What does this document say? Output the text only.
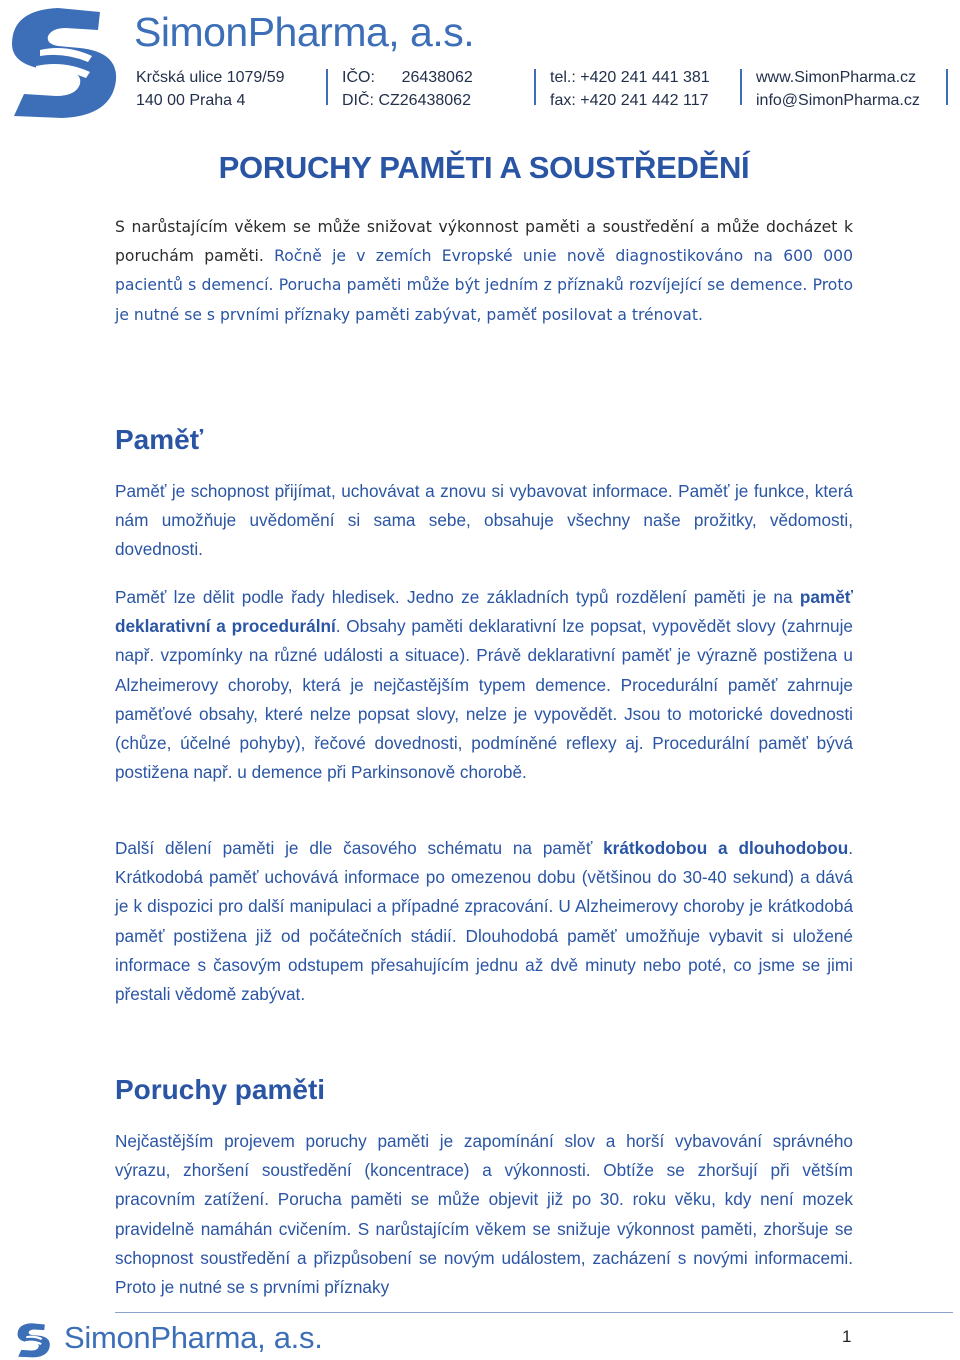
SimonPharma, a.s.
Krčská ulice 1079/59
140 00 Praha 4
IČO:      26438062
DIČ: CZ26438062
tel.: +420 241 441 381
fax: +420 241 442 117
www.SimonPharma.cz
info@SimonPharma.cz
PORUCHY PAMĚTI A SOUSTŘEDĚNÍ

S narůstajícím věkem se může snižovat výkonnost paměti a soustředění a může docházet k poruchám paměti. Ročně je v zemích Evropské unie nově diagnostikováno na 600 000 pacientů s demencí. Porucha paměti může být jedním z příznaků rozvíjející se demence. Proto je nutné se s prvními příznaky paměti zabývat, paměť posilovat a trénovat.

Paměť

Paměť je schopnost přijímat, uchovávat a znovu si vybavovat informace. Paměť je funkce, která nám umožňuje uvědomění si sama sebe, obsahuje všechny naše prožitky, vědomosti, dovednosti.

Paměť lze dělit podle řady hledisek. Jedno ze základních typů rozdělení paměti je na paměť deklarativní a procedurální. Obsahy paměti deklarativní lze popsat, vypovědět slovy (zahrnuje např. vzpomínky na různé události a situace). Právě deklarativní paměť je výrazně postižena u Alzheimerovy choroby, která je nejčastějším typem demence. Procedurální paměť zahrnuje paměťové obsahy, které nelze popsat slovy, nelze je vypovědět. Jsou to motorické dovednosti (chůze, účelné pohyby), řečové dovednosti, podmíněné reflexy aj. Procedurální paměť bývá postižena např. u demence při Parkinsonově chorobě.

Další dělení paměti je dle časového schématu na paměť krátkodobou a dlouhodobou. Krátkodobá paměť uchovává informace po omezenou dobu (většinou do 30-40 sekund) a dává je k dispozici pro další manipulaci a případné zpracování. U Alzheimerovy choroby je krátkodobá paměť postižena již od počátečních stádií. Dlouhodobá paměť umožňuje vybavit si uložené informace s časovým odstupem přesahujícím jednu až dvě minuty nebo poté, co jsme se jimi přestali vědomě zabývat.

Poruchy paměti

Nejčastějším projevem poruchy paměti je zapomínání slov a horší vybavování správného výrazu, zhoršení soustředění (koncentrace) a výkonnosti. Obtíže se zhoršují při větším pracovním zatížení. Porucha paměti se může objevit již po 30. roku věku, kdy není mozek pravidelně namáhán cvičením. S narůstajícím věkem se snižuje výkonnost paměti, zhoršuje se schopnost soustředění a přizpůsobení se novým událostem, zacházení s novými informacemi. Proto je nutné se s prvními příznaky

SimonPharma, a.s.	1
